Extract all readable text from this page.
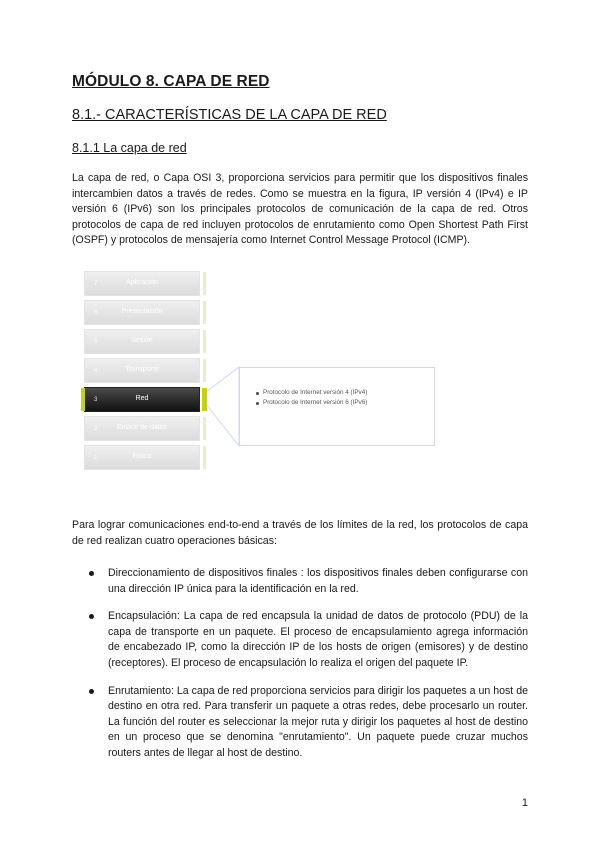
MÓDULO 8. CAPA DE RED
8.1.- CARACTERÍSTICAS DE LA CAPA DE RED
8.1.1 La capa de red

La capa de red, o Capa OSI 3, proporciona servicios para permitir que los dispositivos finales intercambien datos a través de redes. Como se muestra en la figura, IP versión 4 (IPv4) e IP versión 6 (IPv6) son los principales protocolos de comunicación de la capa de red. Otros protocolos de capa de red incluyen protocolos de enrutamiento como Open Shortest Path First (OSPF) y protocolos de mensajería como Internet Control Message Protocol (ICMP).

7	Aplicación
6	Presentación
5	Sesión
4	Transporte
3	Red
2	Enlace de datos
1	Física
Protocolo de Internet versión 4 (IPv4)
Protocolo de Internet versión 6 (IPv6)

Para lograr comunicaciones end-to-end a través de los límites de la red, los protocolos de capa de red realizan cuatro operaciones básicas:

Direccionamiento de dispositivos finales : los dispositivos finales deben configurarse con una dirección IP única para la identificación en la red.
Encapsulación: La capa de red encapsula la unidad de datos de protocolo (PDU) de la capa de transporte en un paquete. El proceso de encapsulamiento agrega información de encabezado IP, como la dirección IP de los hosts de origen (emisores) y de destino (receptores). El proceso de encapsulación lo realiza el origen del paquete IP.
Enrutamiento: La capa de red proporciona servicios para dirigir los paquetes a un host de destino en otra red. Para transferir un paquete a otras redes, debe procesarlo un router. La función del router es seleccionar la mejor ruta y dirigir los paquetes al host de destino en un proceso que se denomina "enrutamiento". Un paquete puede cruzar muchos routers antes de llegar al host de destino.
1
